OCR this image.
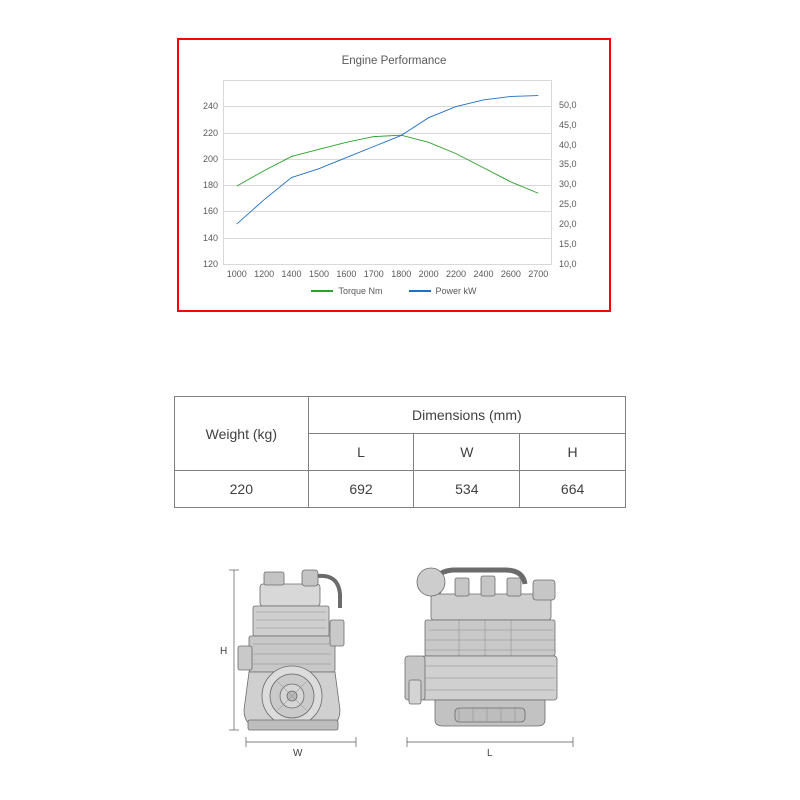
Engine Performance
120
140
160
180
200
220
240
10,0
15,0
20,0
25,0
30,0
35,0
40,0
45,0
50,0
1000 1200 1400 1500 1600 1700 1800 2000 2200 2400 2600 2700
Torque Nm	Power kW
Weight (kg)	Dimensions (mm)		
	L	W	H
220	692	534	664
H
W	L
